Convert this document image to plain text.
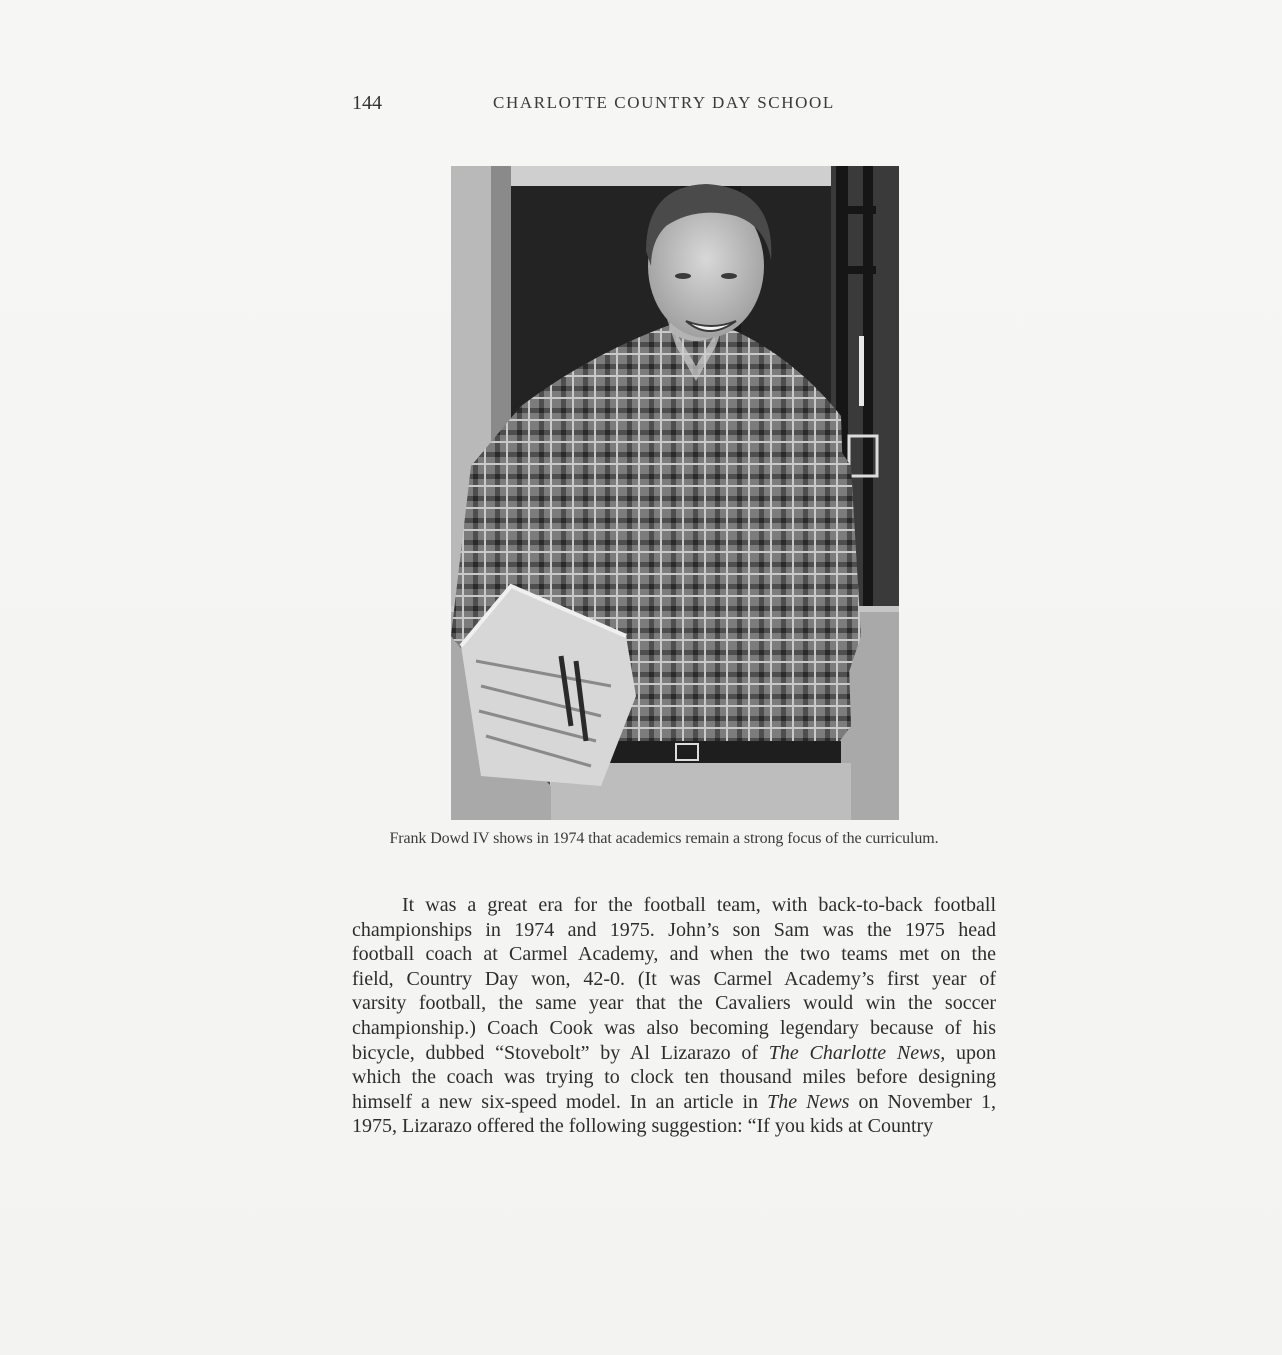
144	CHARLOTTE COUNTRY DAY SCHOOL
Frank Dowd IV shows in 1974 that academics remain a strong focus of the curriculum.
It was a great era for the football team, with back-to-back football
championships in 1974 and 1975. John’s son Sam was the 1975 head
football coach at Carmel Academy, and when the two teams met on the
field, Country Day won, 42-0. (It was Carmel Academy’s first year of
varsity football, the same year that the Cavaliers would win the soccer
championship.) Coach Cook was also becoming legendary because of his
bicycle, dubbed “Stovebolt” by Al Lizarazo of The Charlotte News, upon
which the coach was trying to clock ten thousand miles before designing
himself a new six-speed model. In an article in The News on November 1,
1975, Lizarazo offered the following suggestion: “If you kids at Country
